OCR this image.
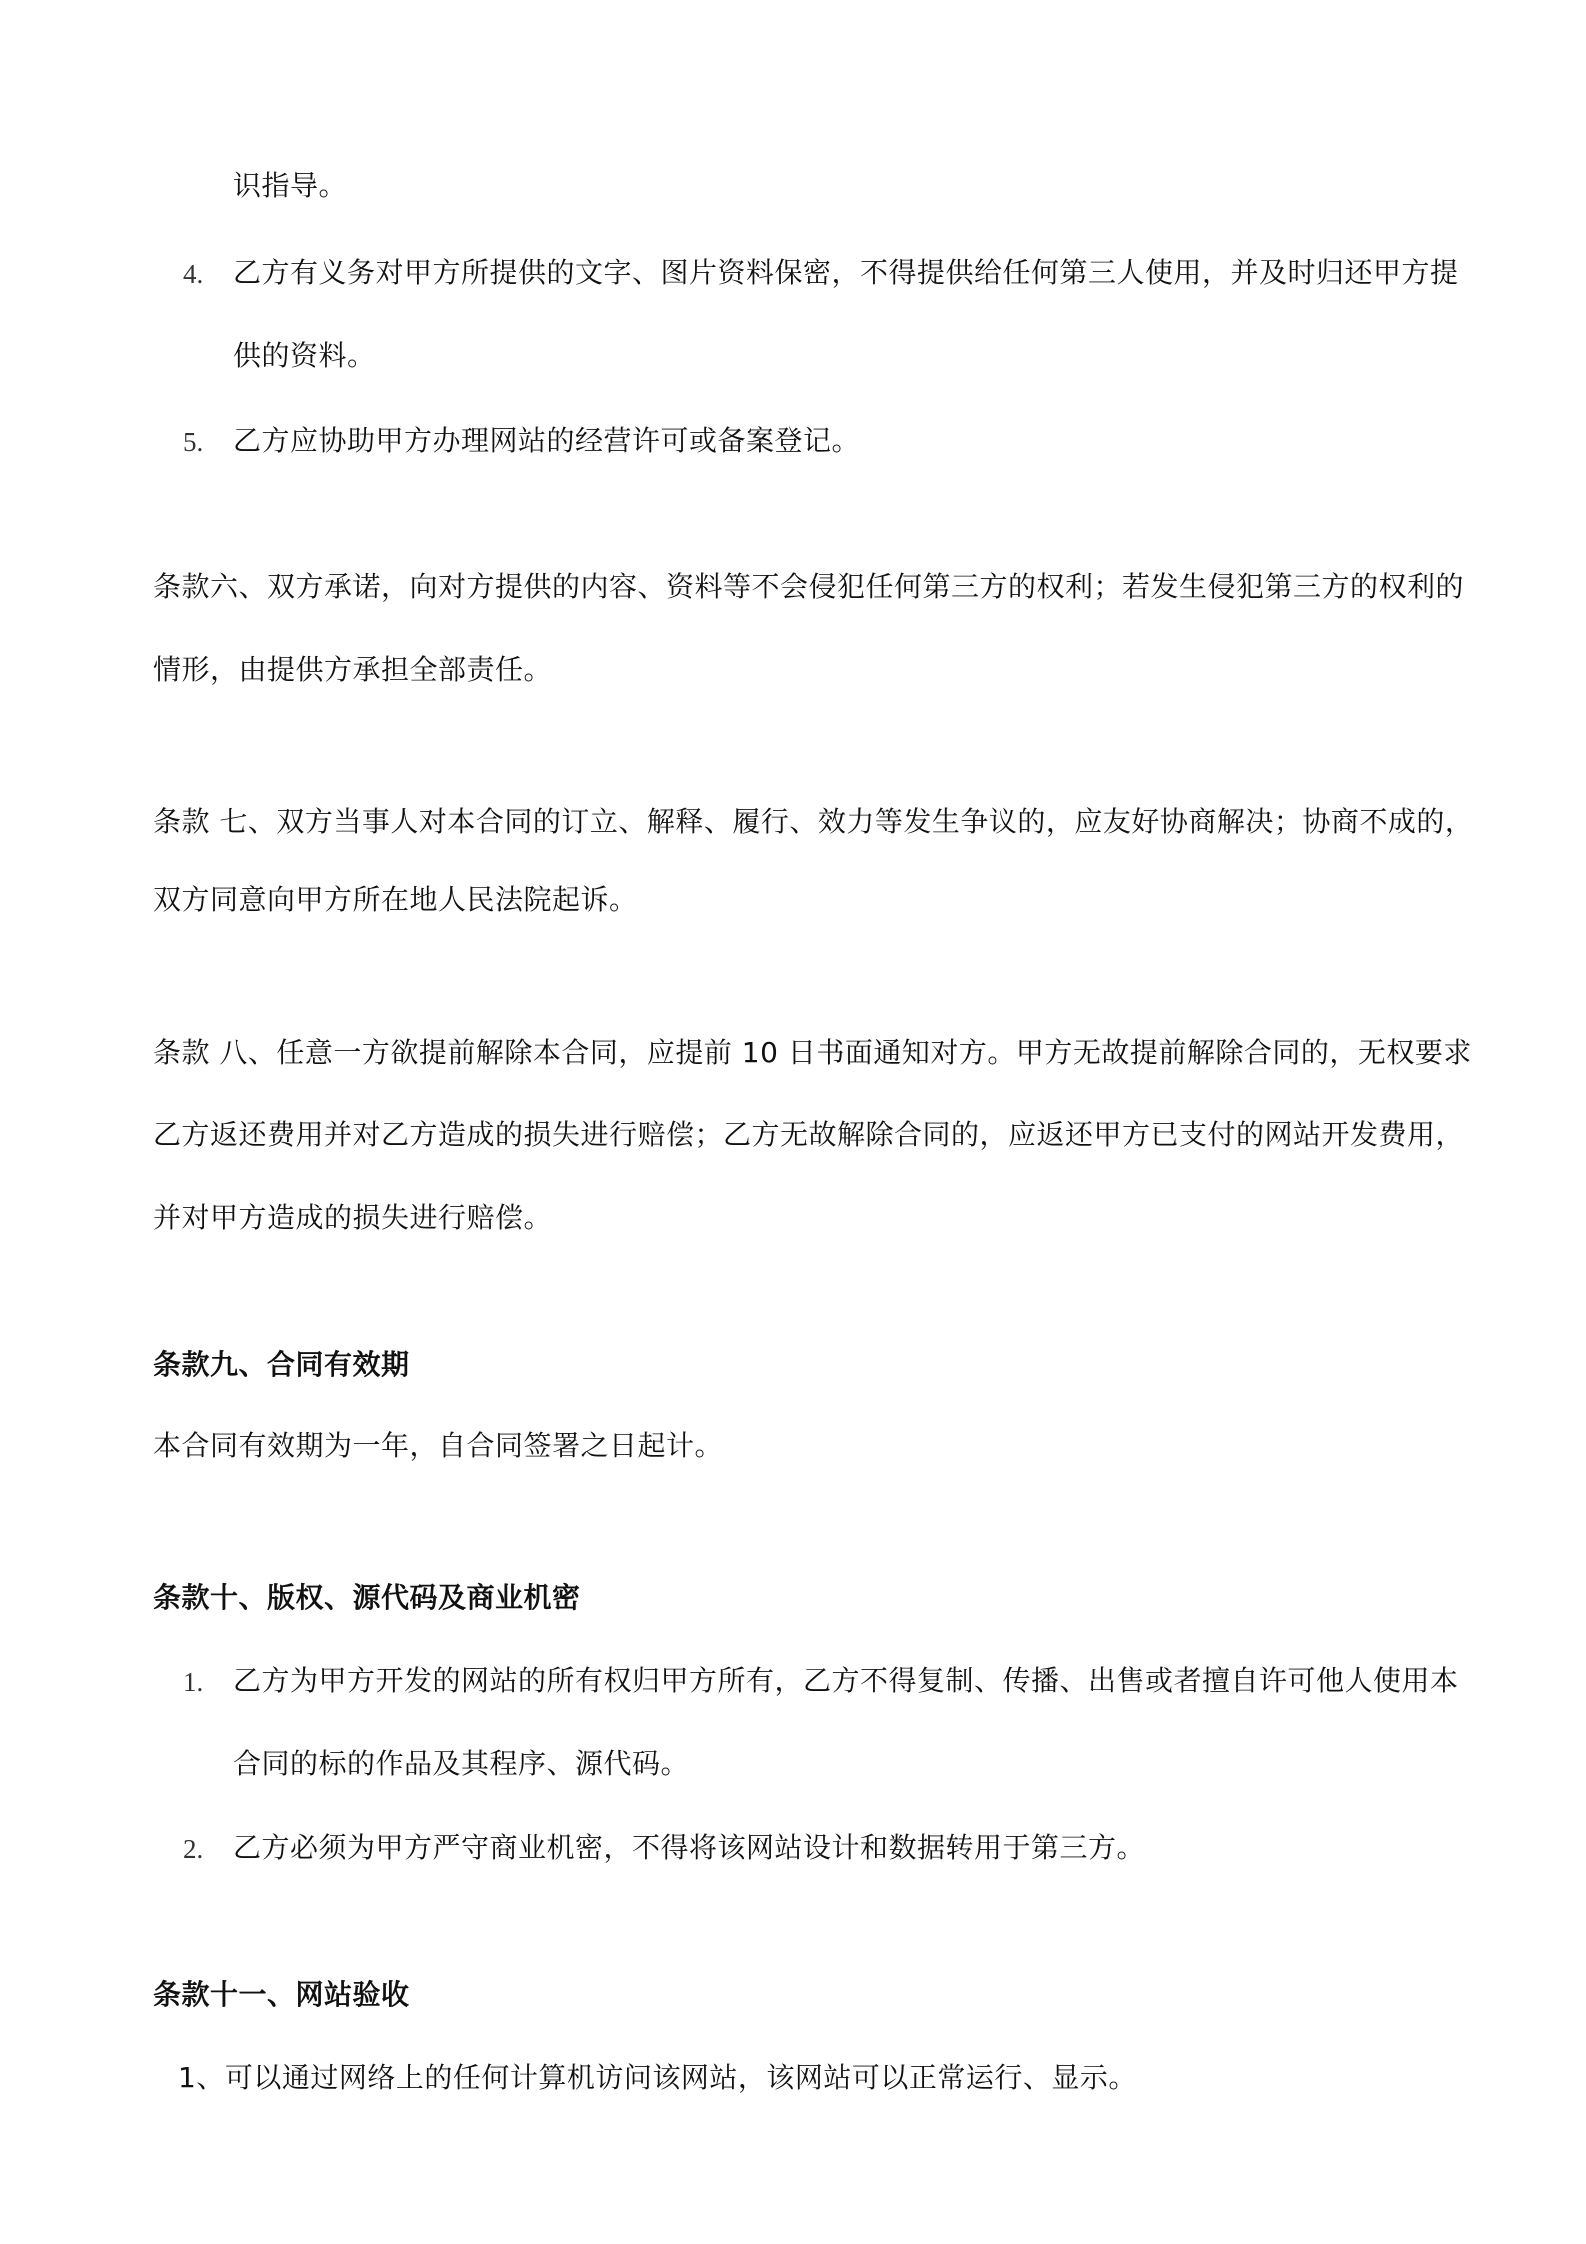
识指导。
4. 乙方有义务对甲方所提供的文字、图片资料保密，不得提供给任何第三人使用，并及时归还甲方提
供的资料。
5. 乙方应协助甲方办理网站的经营许可或备案登记。
条款六、双方承诺，向对方提供的内容、资料等不会侵犯任何第三方的权利；若发生侵犯第三方的权利的
情形，由提供方承担全部责任。
条款 七、双方当事人对本合同的订立、解释、履行、效力等发生争议的，应友好协商解决；协商不成的，
双方同意向甲方所在地人民法院起诉。
条款 八、任意一方欲提前解除本合同，应提前 10 日书面通知对方。甲方无故提前解除合同的，无权要求
乙方返还费用并对乙方造成的损失进行赔偿；乙方无故解除合同的，应返还甲方已支付的网站开发费用，
并对甲方造成的损失进行赔偿。
条款九、合同有效期
本合同有效期为一年，自合同签署之日起计。
条款十、版权、源代码及商业机密
1. 乙方为甲方开发的网站的所有权归甲方所有，乙方不得复制、传播、出售或者擅自许可他人使用本
合同的标的作品及其程序、源代码。
2. 乙方必须为甲方严守商业机密，不得将该网站设计和数据转用于第三方。
条款十一、网站验收
1、可以通过网络上的任何计算机访问该网站，该网站可以正常运行、显示。
